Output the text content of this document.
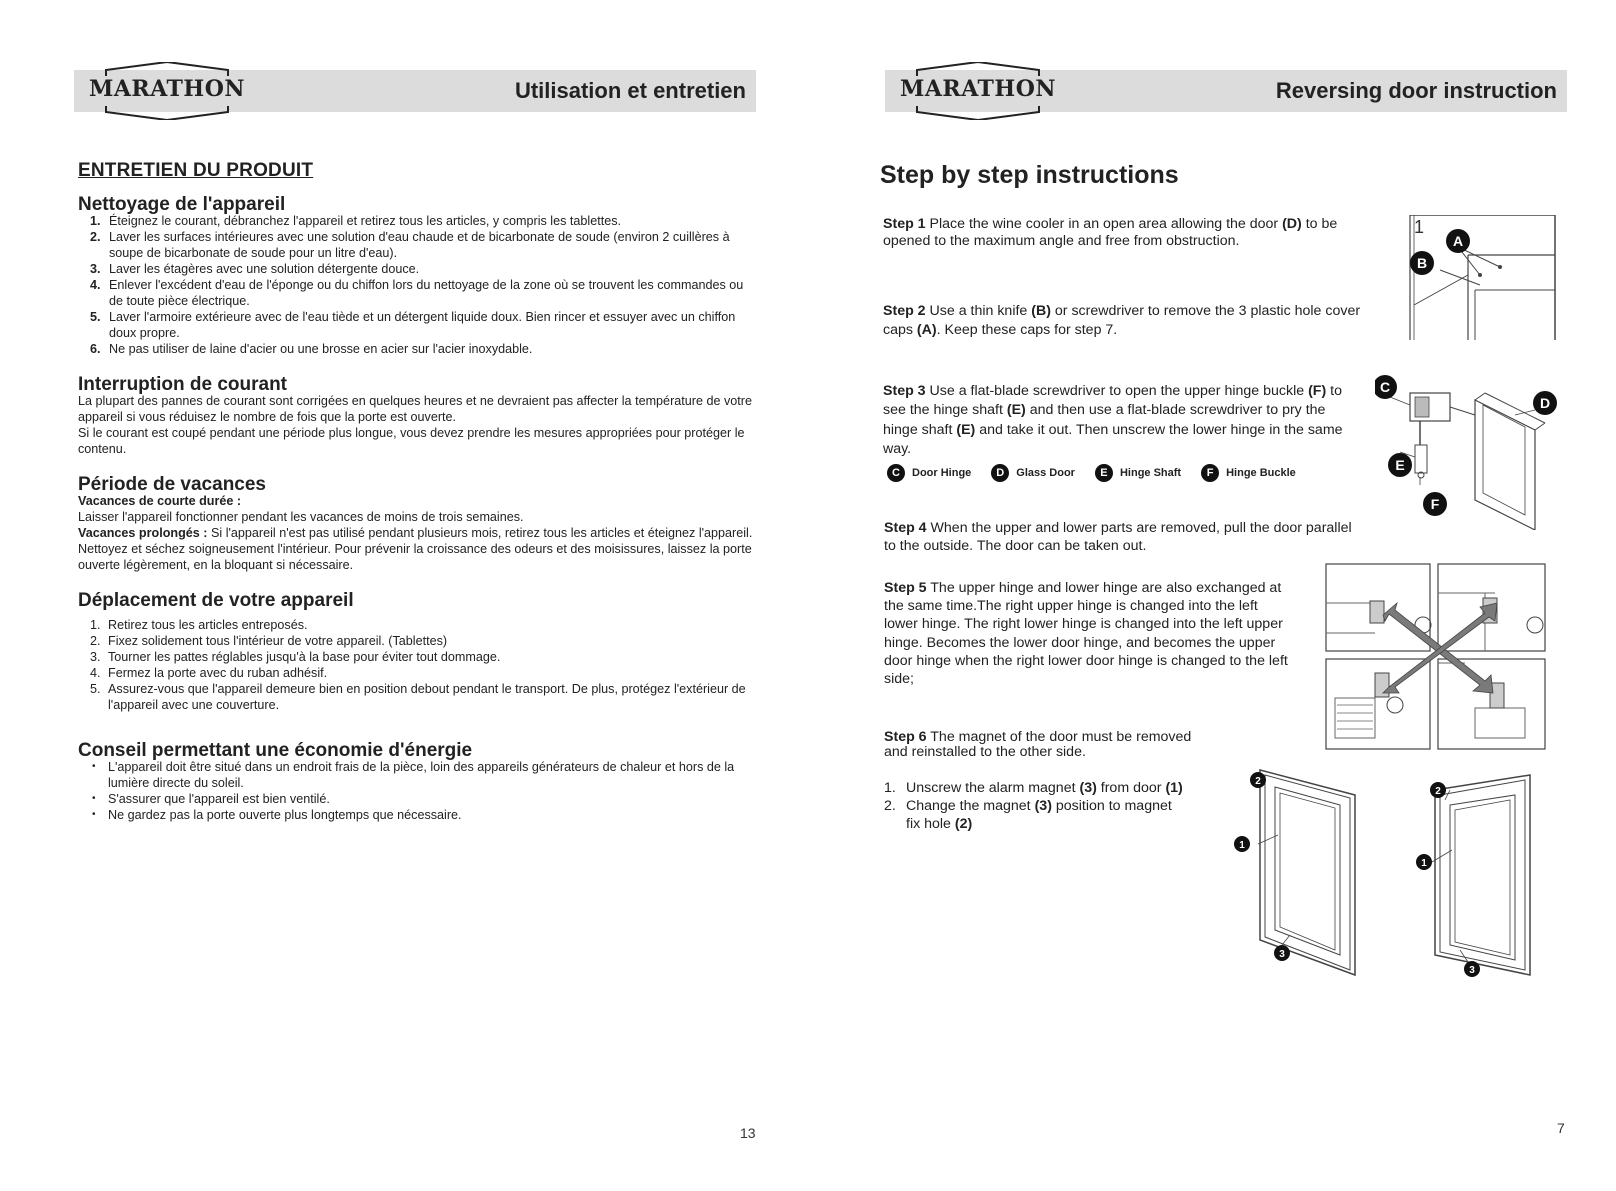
MARATHON	Utilisation et entretien	MARATHON	Reversing door instruction
ENTRETIEN DU PRODUIT
Nettoyage de l'appareil
1. Éteignez le courant, débranchez l'appareil et retirez tous les articles, y compris les tablettes.
2. Laver les surfaces intérieures avec une solution d'eau chaude et de bicarbonate de soude (environ 2 cuillères à soupe de bicarbonate de soude pour un litre d'eau).
3. Laver les étagères avec une solution détergente douce.
4. Enlever l'excédent d'eau de l'éponge ou du chiffon lors du nettoyage de la zone où se trouvent les commandes ou de toute pièce électrique.
5. Laver l'armoire extérieure avec de l'eau tiède et un détergent liquide doux. Bien rincer et essuyer avec un chiffon doux propre.
6. Ne pas utiliser de laine d'acier ou une brosse en acier sur l'acier inoxydable.
Interruption de courant

La plupart des pannes de courant sont corrigées en quelques heures et ne devraient pas affecter la température de votre appareil si vous réduisez le nombre de fois que la porte est ouverte.

Si le courant est coupé pendant une période plus longue, vous devez prendre les mesures appropriées pour protéger le contenu.

Période de vacances

Vacances de courte durée :

Laisser l'appareil fonctionner pendant les vacances de moins de trois semaines.

Vacances prolongés : Si l'appareil n'est pas utilisé pendant plusieurs mois, retirez tous les articles et éteignez l'appareil. Nettoyez et séchez soigneusement l'intérieur. Pour prévenir la croissance des odeurs et des moisissures, laissez la porte ouverte légèrement, en la bloquant si nécessaire.

Déplacement de votre appareil
1. Retirez tous les articles entreposés.
2. Fixez solidement tous l'intérieur de votre appareil. (Tablettes)
3. Tourner les pattes réglables jusqu'à la base pour éviter tout dommage.
4. Fermez la porte avec du ruban adhésif.
5. Assurez-vous que l'appareil demeure bien en position debout pendant le transport. De plus, protégez l'extérieur de l'appareil avec une couverture.
Conseil permettant une économie d'énergie
• L'appareil doit être situé dans un endroit frais de la pièce, loin des appareils générateurs de chaleur et hors de la lumière directe du soleil.
• S'assurer que l'appareil est bien ventilé.
• Ne gardez pas la porte ouverte plus longtemps que nécessaire.
13
Step by step instructions
Step 1 Place the wine cooler in an open area allowing the door (D) to be opened to the maximum angle and free from obstruction.
Step 2 Use a thin knife (B) or screwdriver to remove the 3 plastic hole cover caps (A). Keep these caps for step 7.
Step 3 Use a flat-blade screwdriver to open the upper hinge buckle (F) to see the hinge shaft (E) and then use a flat-blade screwdriver to pry the hinge shaft (E) and take it out. Then unscrew the lower hinge in the same way.
C	Door Hinge	D	Glass Door	E	Hinge Shaft	F	Hinge Buckle
Step 4 When the upper and lower parts are removed, pull the door parallel to the outside. The door can be taken out.
Step 5 The upper hinge and lower hinge are also exchanged at the same time.The right upper hinge is changed into the left lower hinge. The right lower hinge is changed into the left upper hinge. Becomes the lower door hinge, and becomes the upper door hinge when the right lower door hinge is changed to the left side;
Step 6 The magnet of the door must be removed and reinstalled to the other side.
1. Unscrew the alarm magnet (3) from door (1)
2. Change the magnet (3) position to magnet fix hole (2)
1
A
B
C
D
E
F
2
1
3
2
1
3
7
